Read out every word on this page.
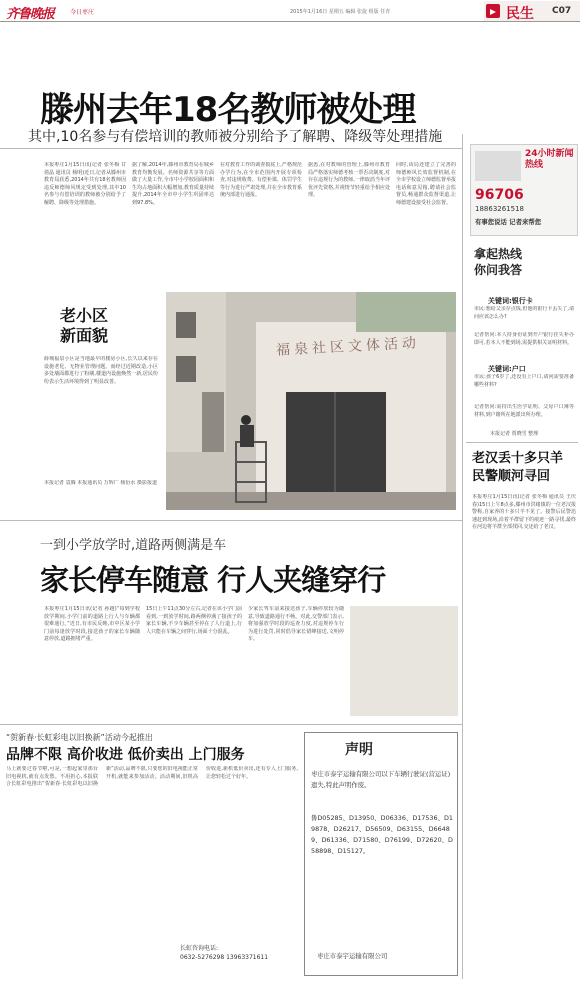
齐鲁晚报	今日枣庄	2015年1月16日 星期五 编辑 张旋 组版 任青	民生 C07
滕州去年18名教师被处理
其中,10名参与有偿培训的教师被分别给予了解聘、降级等处理措施
本报枣庄1月15日讯(记者 张冬梅 甘倩晶 通讯员 杨明)近日,记者从滕州市教育局获悉,2014年共有18名教师因违反师德师风规定受到处理,其中10名参与有偿培训的教师被分别给予了解聘、降级等处理措施。
据了解,2014年,滕州市教育局在城乡教育均衡发展、名师资源共享等方面做了大量工作,全市中小学校园面积和生均占地面积大幅增加,教育质量持续提升,2014年全市中小学生巩固率达到97.8%。
在对教育工作的调查摸底上,严格规范办学行为,在全市范围内开展专项检查,对违规收费、有偿补课、体罚学生等行为进行严肃处理,并在全市教育系统内部进行通报。
据悉,在对教师的管理上,滕州市教育局严格落实师德考核一票否决制度,对存在违规行为的教师,一律取消当年评优评先资格,并视情节轻重给予相应处理。
同时,该局还建立了完善的师德师风长效监督机制,在全市学校设立师德监督举报电话和意见箱,聘请社会监督员,畅通群众监督渠道,让师德建设接受社会监督。
老小区
新面貌
薛城福泉小区是当地最早的楼房小区,长久以来存在设施老化、无物业管理问题。而经过近期改造,小区多处墙面都进行了粉刷,楼道内设施焕然一新,居民纷纷表示生活环境得到了明显改善。
本报记者 袁腾 本报通讯员 万辉广 杨衍水 摄影报道
福泉社区文体活动
一到小学放学时,道路两侧满是车
家长停车随意 行人夹缝穿行
本报枣庄1月15日讯(记者 孙越)“每到学校放学期间,小学门前的道路上行人与车辆都很难通行。”近日,有市民反映,市中区某小学门前每逢放学时段,接送孩子的家长车辆随意停放,道路拥堵严重。
15日上午11点30分左右,记者在该小学门前看到,一到放学时间,路两侧停满了接孩子的家长车辆,不少车辆甚至停在了人行道上,行人只能在车辆之间穿行,场面十分混乱。
少家长驾车前来接送孩子,车辆停放较为随意,导致道路通行不畅。对此,交警部门表示,将加强放学时段的巡查力度,对违规停车行为进行处罚,同时倡导家长错峰接送,文明停车。
“贺新春·长虹彩电以旧换新”活动今起推出
品牌不限 高价收进 低价卖出 上门服务
马上就要过春节啦,可是,一想起家里那台旧电视机,就有点发愁。不用担心,本报联合长虹彩电推出“贺新春·长虹彩电以旧换新”活动,品牌不限,只要您的旧电视能正常开机,就能来参加活动。活动期间,旧机高价收进,新机低价卖出,还有专人上门服务,让您轻松过个好年。
长虹咨询电话:
0632-5276298 13963371611
声明
枣庄市泰宇运输有限公司以下车辆行驶证(营运证)遗失,特此声明作废。
鲁D05285、D13950、D06336、D17536、D19878、D26217、D56509、D63155、D66489、D61336、D71580、D76199、D72620、D58898、D15127。
枣庄市泰宇运输有限公司
24小时新闻热线
96706
18863261518
有事您说话 记者来帮您
拿起热线
你问我答
关键词:银行卡
市民:想给父亲存点钱,但他的银行卡丢失了,请问应该怎么办?
记者帮问:本人持身份证到开户银行挂失补办即可,若本人不能到场,需提供相关证明材料。
关键词:户口
市民:孩子6岁了,还没有上户口,请问需要准备哪些材料?
记者帮问:需持出生医学证明、父母户口簿等材料,到户籍所在地派出所办理。
本报记者 贾晓雪 整理
老汉丢十多只羊
民警顺河寻回
本报枣庄1月15日讯(记者 张冬梅 通讯员 王庆春)15日上午8点多,滕州市洪绪镇的一位老汉报警称,自家养的十多只羊不见了。接警后民警迅速赶到现场,沿着羊群留下的痕迹一路寻找,最终在河边将羊群全部找回,交还给了老汉。
